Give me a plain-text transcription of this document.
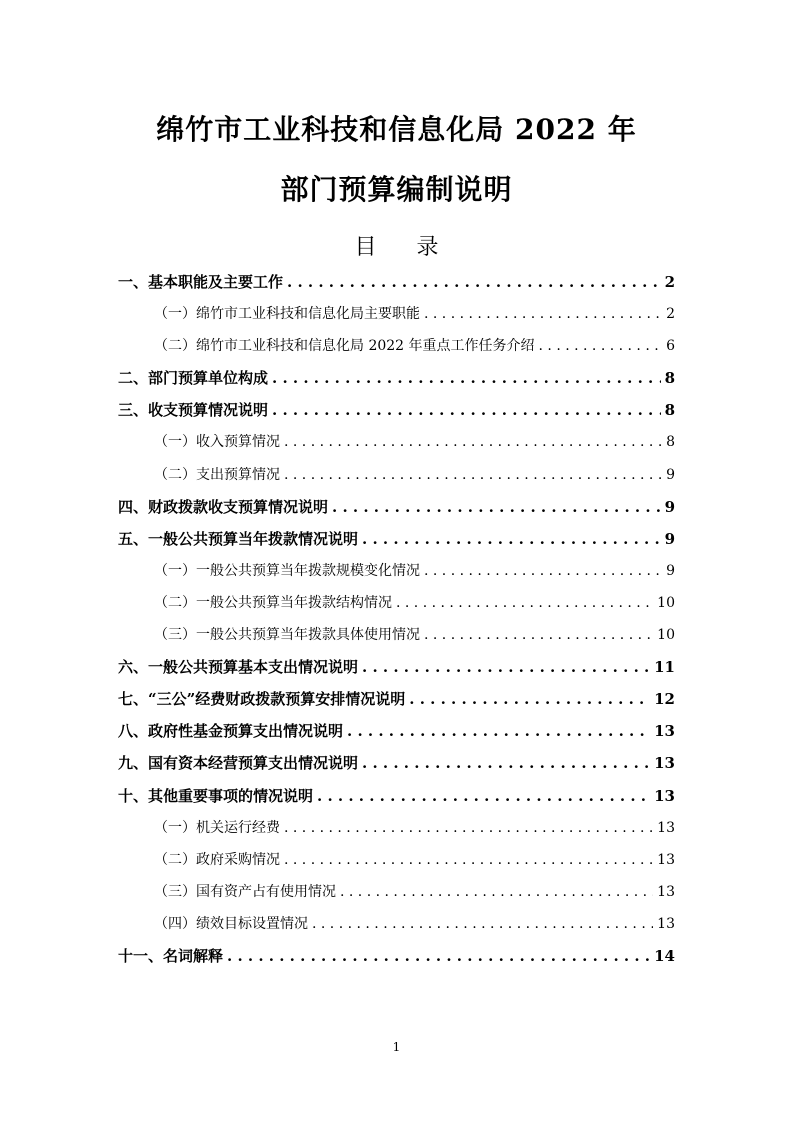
绵竹市工业科技和信息化局 2022 年
部门预算编制说明
目录
一、基本职能及主要工作 . . .	2
（一）绵竹市工业科技和信息化局主要职能 . . .	2
（二）绵竹市工业科技和信息化局 2022 年重点工作任务介绍 . . .	6
二、部门预算单位构成 . . .	8
三、收支预算情况说明 . . .	8
（一）收入预算情况 . . .	8
（二）支出预算情况 . . .	9
四、财政拨款收支预算情况说明 . . .	9
五、一般公共预算当年拨款情况说明 . . .	9
（一）一般公共预算当年拨款规模变化情况 . . .	9
（二）一般公共预算当年拨款结构情况 . . .	10
（三）一般公共预算当年拨款具体使用情况 . . .	10
六、一般公共预算基本支出情况说明 . . .	11
七、“三公”经费财政拨款预算安排情况说明 . . .	12
八、政府性基金预算支出情况说明 . . .	13
九、国有资本经营预算支出情况说明 . . .	13
十、其他重要事项的情况说明 . . .	13
（一）机关运行经费 . . .	13
（二）政府采购情况 . . .	13
（三）国有资产占有使用情况 . . .	13
（四）绩效目标设置情况 . . .	13
十一、名词解释 . . .	14
1
